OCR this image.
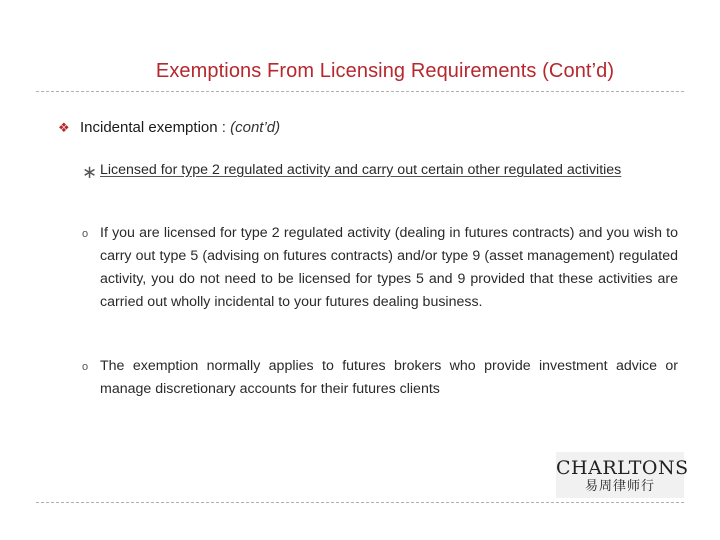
Exemptions From Licensing Requirements (Cont’d)
❖ Incidental exemption : (cont’d)
∗ Licensed for type 2 regulated activity and carry out certain other regulated activities
o If you are licensed for type 2 regulated activity (dealing in futures contracts) and you wish to carry out type 5 (advising on futures contracts) and/or type 9 (asset management) regulated activity, you do not need to be licensed for types 5 and 9 provided that these activities are carried out wholly incidental to your futures dealing business.
o The exemption normally applies to futures brokers who provide investment advice or manage discretionary accounts for their futures clients
CHARLTONS
易周律师行
